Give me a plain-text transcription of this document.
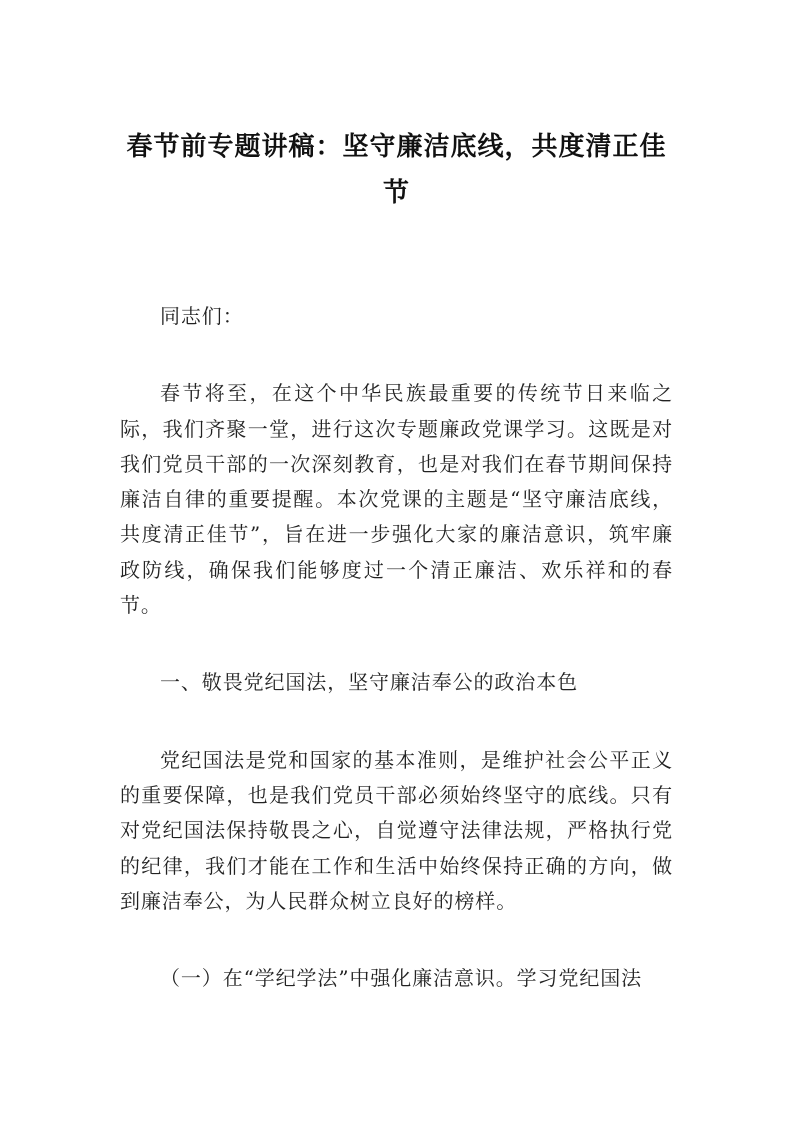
春节前专题讲稿：坚守廉洁底线，共度清正佳节

同志们：

春节将至，在这个中华民族最重要的传统节日来临之际，我们齐聚一堂，进行这次专题廉政党课学习。这既是对我们党员干部的一次深刻教育，也是对我们在春节期间保持廉洁自律的重要提醒。本次党课的主题是“坚守廉洁底线，共度清正佳节”，旨在进一步强化大家的廉洁意识，筑牢廉政防线，确保我们能够度过一个清正廉洁、欢乐祥和的春节。

一、敬畏党纪国法，坚守廉洁奉公的政治本色

党纪国法是党和国家的基本准则，是维护社会公平正义的重要保障，也是我们党员干部必须始终坚守的底线。只有对党纪国法保持敬畏之心，自觉遵守法律法规，严格执行党的纪律，我们才能在工作和生活中始终保持正确的方向，做到廉洁奉公，为人民群众树立良好的榜样。

（一）在“学纪学法”中强化廉洁意识。学习党纪国法
